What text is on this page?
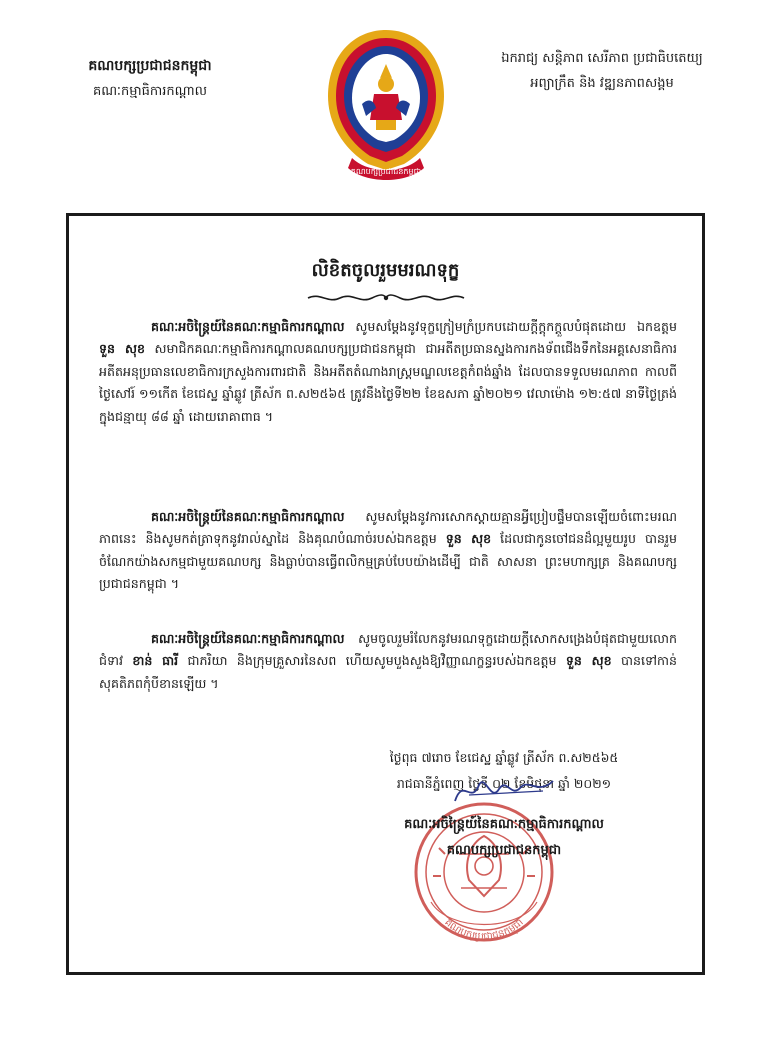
គណបក្សប្រជាជនកម្ពុជា
គណៈកម្មាធិការកណ្តាល
គណបក្សប្រជាជនកម្ពុជា
ឯករាជ្យ សន្តិភាព សេរីភាព ប្រជាធិបតេយ្យ
អព្យាក្រឹត និង វឌ្ឍនភាពសង្គម
លិខិតចូលរួមមរណទុក្ខ
គណៈអចិន្ត្រៃយ៍នៃគណៈកម្មាធិការកណ្តាល សូមសម្តែងនូវទុក្ខក្រៀមក្រំប្រកបដោយក្តីក្តុកក្តួលបំផុតដោយ ឯកឧត្តម ទួន សុខ សមាជិកគណៈកម្មាធិការកណ្តាលគណបក្សប្រជាជនកម្ពុជា ជាអតីតប្រធានស្នងការកងទ័ពជើងទឹកនៃអគ្គសេនាធិការ អតីតអនុប្រធានលេខាធិការក្រសួងការពារជាតិ និងអតីតតំណាងរាស្ត្រមណ្ឌលខេត្តកំពង់ឆ្នាំង ដែលបានទទួលមរណភាព កាលពីថ្ងៃសៅរ៍ ១១កើត ខែជេស្ឋ ឆ្នាំឆ្លូវ ត្រីស័ក ព.ស២៥៦៥ ត្រូវនឹងថ្ងៃទី២២ ខែឧសភា ឆ្នាំ២០២១ វេលាម៉ោង ១២:៥៧ នាទីថ្ងៃត្រង់ ក្នុងជន្មាយុ ៨៨ ឆ្នាំ ដោយរោគាពាធ ។
គណៈអចិន្ត្រៃយ៍នៃគណៈកម្មាធិការកណ្តាល សូមសម្តែងនូវការសោកស្តាយគ្មានអ្វីប្រៀបផ្ទឹមបានឡើយចំពោះមរណភាពនេះ និងសូមកត់ត្រាទុកនូវរាល់ស្នាដៃ និងគុណបំណាច់របស់ឯកឧត្តម ទួន សុខ ដែលជាកូនចៅជនដ៏ល្អមួយរូប បានរួមចំណែកយ៉ាងសកម្មជាមួយគណបក្ស និងធ្លាប់បានធ្វើពលិកម្មគ្រប់បែបយ៉ាងដើម្បី ជាតិ សាសនា ព្រះមហាក្សត្រ និងគណបក្សប្រជាជនកម្ពុជា ។
គណៈអចិន្ត្រៃយ៍នៃគណៈកម្មាធិការកណ្តាល សូមចូលរួមរំលែកនូវមរណទុក្ខដោយក្តីសោកសង្រេងបំផុតជាមួយលោកជំទាវ ខាន់ ធារី ជាភរិយា និងក្រុមគ្រួសារនៃសព ហើយសូមបួងសួងឱ្យវិញ្ញាណក្ខន្ធរបស់ឯកឧត្តម ទួន សុខ បានទៅកាន់សុគតិភពកុំបីខានឡើយ ។
ថ្ងៃពុធ ៧រោច ខែជេស្ឋ ឆ្នាំឆ្លូវ ត្រីស័ក ព.ស២៥៦៥
រាជធានីភ្នំពេញ ថ្ងៃទី ០២ ខែមិថុនា ឆ្នាំ ២០២១
គណបក្សប្រជាជនកម្ពុជា
គណៈអចិន្ត្រៃយ៍នៃគណៈកម្មាធិការកណ្តាល
គណបក្សប្រជាជនកម្ពុជា
